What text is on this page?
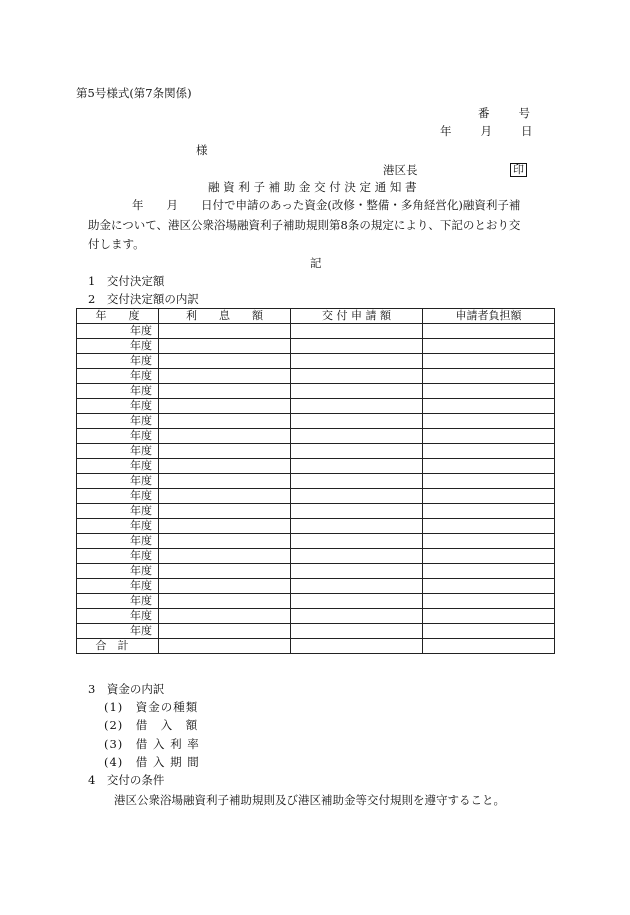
第5号様式(第7条関係)
番　　号
年　　月　　日
様
港区長	印
融 資 利 子 補 助 金 交 付 決 定 通 知 書
年　　月　　日付で申請のあった資金(改修・整備・多角経営化)融資利子補助金について、港区公衆浴場融資利子補助規則第8条の規定により、下記のとおり交付します。
記
1　交付決定額
2　交付決定額の内訳
年　　度	利　　息　　額	交 付 申 請 額	申請者負担額
年度			
年度			
年度			
年度			
年度			
年度			
年度			
年度			
年度			
年度			
年度			
年度			
年度			
年度			
年度			
年度			
年度			
年度			
年度			
年度			
年度			
合計			
3　資金の内訳
(1)　資金の種類
(2)　借　入　額
(3)　借 入 利 率
(4)　借 入 期 間
4　交付の条件
港区公衆浴場融資利子補助規則及び港区補助金等交付規則を遵守すること。
